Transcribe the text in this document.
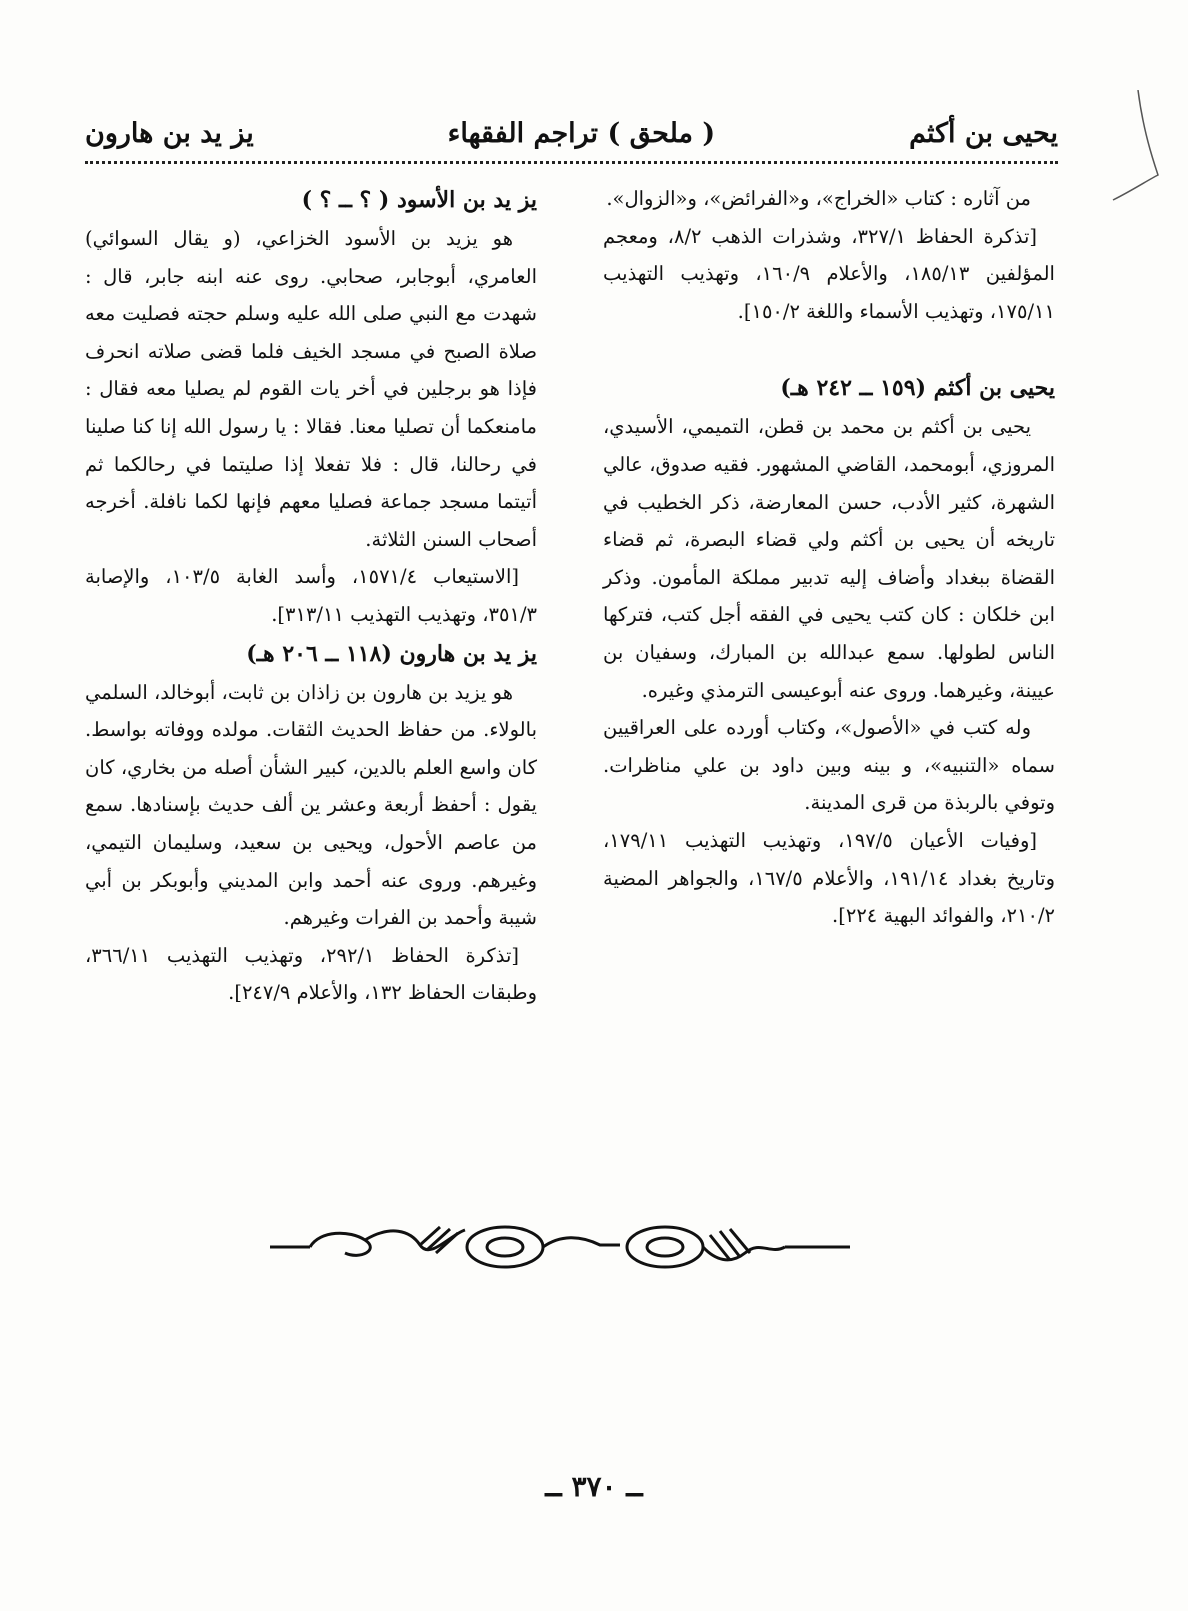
يحيى بن أكثم
( ملحق ) تراجم الفقهاء
يز يد بن هارون

من آثاره : كتاب «الخراج»، و«الفرائض»، و«الزوال».

[تذكرة الحفاظ ٣٢٧/١، وشذرات الذهب ٨/٢، ومعجم المؤلفين ١٨٥/١٣، والأعلام ١٦٠/٩، وتهذيب التهذيب ١٧٥/١١، وتهذيب الأسماء واللغة ١٥٠/٢].

يحيى بن أكثم (١٥٩ ــ ٢٤٢ هـ)

يحيى بن أكثم بن محمد بن قطن، التميمي، الأسيدي، المروزي، أبومحمد، القاضي المشهور. فقيه صدوق، عالي الشهرة، كثير الأدب، حسن المعارضة، ذكر الخطيب في تاريخه أن يحيى بن أكثم ولي قضاء البصرة، ثم قضاء القضاة ببغداد وأضاف إليه تدبير مملكة المأمون. وذكر ابن خلكان : كان كتب يحيى في الفقه أجل كتب، فتركها الناس لطولها. سمع عبدالله بن المبارك، وسفيان بن عيينة، وغيرهما. وروى عنه أبوعيسى الترمذي وغيره.

وله كتب في «الأصول»، وكتاب أورده على العراقيين سماه «التنبيه»، و بينه وبين داود بن علي مناظرات. وتوفي بالربذة من قرى المدينة.

[وفيات الأعيان ١٩٧/٥، وتهذيب التهذيب ١٧٩/١١، وتاريخ بغداد ١٩١/١٤، والأعلام ١٦٧/٥، والجواهر المضية ٢١٠/٢، والفوائد البهية ٢٢٤].

يز يد بن الأسود ( ؟ ــ ؟ )

هو يزيد بن الأسود الخزاعي، (و يقال السوائي) العامري، أبوجابر، صحابي. روى عنه ابنه جابر، قال : شهدت مع النبي صلى الله عليه وسلم حجته فصليت معه صلاة الصبح في مسجد الخيف فلما قضى صلاته انحرف فإذا هو برجلين في أخر يات القوم لم يصليا معه فقال : مامنعكما أن تصليا معنا. فقالا : يا رسول الله إنا كنا صلينا في رحالنا، قال : فلا تفعلا إذا صليتما في رحالكما ثم أتيتما مسجد جماعة فصليا معهم فإنها لكما نافلة. أخرجه أصحاب السنن الثلاثة.

[الاستيعاب ١٥٧١/٤، وأسد الغابة ١٠٣/٥، والإصابة ٣٥١/٣، وتهذيب التهذيب ٣١٣/١١].

يز يد بن هارون (١١٨ ــ ٢٠٦ هـ)

هو يزيد بن هارون بن زاذان بن ثابت، أبوخالد، السلمي بالولاء. من حفاظ الحديث الثقات. مولده ووفاته بواسط. كان واسع العلم بالدين، كبير الشأن أصله من بخاري، كان يقول : أحفظ أربعة وعشر ين ألف حديث بإسنادها. سمع من عاصم الأحول، ويحيى بن سعيد، وسليمان التيمي، وغيرهم. وروى عنه أحمد وابن المديني وأبوبكر بن أبي شيبة وأحمد بن الفرات وغيرهم.

[تذكرة الحفاظ ٢٩٢/١، وتهذيب التهذيب ٣٦٦/١١، وطبقات الحفاظ ١٣٢، والأعلام ٢٤٧/٩].

ــ ٣٧٠ ــ
